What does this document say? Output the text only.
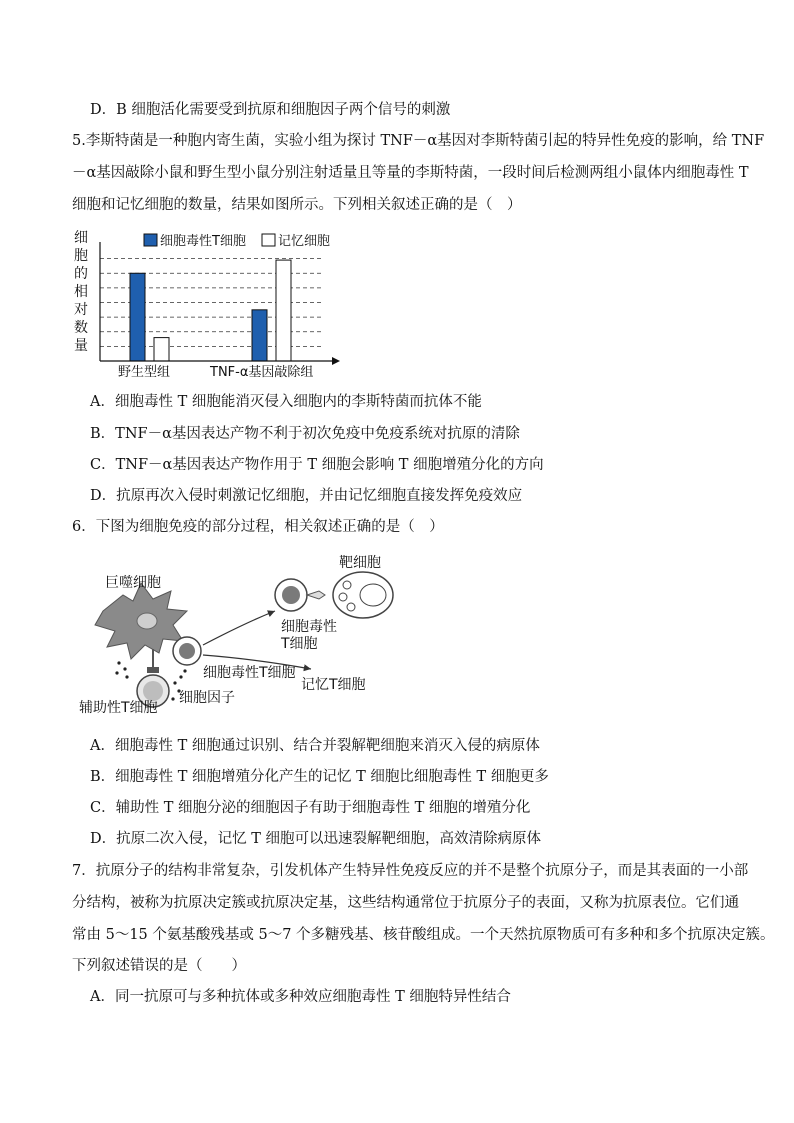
D．B 细胞活化需要受到抗原和细胞因子两个信号的刺激
5.李斯特菌是一种胞内寄生菌，实验小组为探讨 TNF－α基因对李斯特菌引起的特异性免疫的影响，给 TNF
－α基因敲除小鼠和野生型小鼠分别注射适量且等量的李斯特菌，一段时间后检测两组小鼠体内细胞毒性 T
细胞和记忆细胞的数量，结果如图所示。下列相关叙述正确的是（　）
细
胞
的
相
对
数
量
细胞毒性T细胞 记忆细胞
野生型组	TNF-α基因敲除组
A．细胞毒性 T 细胞能消灭侵入细胞内的李斯特菌而抗体不能
B．TNF－α基因表达产物不利于初次免疫中免疫系统对抗原的清除
C．TNF－α基因表达产物作用于 T 细胞会影响 T 细胞增殖分化的方向
D．抗原再次入侵时刺激记忆细胞，并由记忆细胞直接发挥免疫效应
6．下图为细胞免疫的部分过程，相关叙述正确的是（　）
巨噬细胞
辅助性T细胞
细胞因子
细胞毒性T细胞
细胞毒性
T细胞
靶细胞
记忆T细胞
A．细胞毒性 T 细胞通过识别、结合并裂解靶细胞来消灭入侵的病原体
B．细胞毒性 T 细胞增殖分化产生的记忆 T 细胞比细胞毒性 T 细胞更多
C．辅助性 T 细胞分泌的细胞因子有助于细胞毒性 T 细胞的增殖分化
D．抗原二次入侵，记忆 T 细胞可以迅速裂解靶细胞，高效清除病原体
7．抗原分子的结构非常复杂，引发机体产生特异性免疫反应的并不是整个抗原分子，而是其表面的一小部
分结构，被称为抗原决定簇或抗原决定基，这些结构通常位于抗原分子的表面，又称为抗原表位。它们通
常由 5～15 个氨基酸残基或 5～7 个多糖残基、核苷酸组成。一个天然抗原物质可有多种和多个抗原决定簇。
下列叙述错误的是（　　）
A．同一抗原可与多种抗体或多种效应细胞毒性 T 细胞特异性结合
